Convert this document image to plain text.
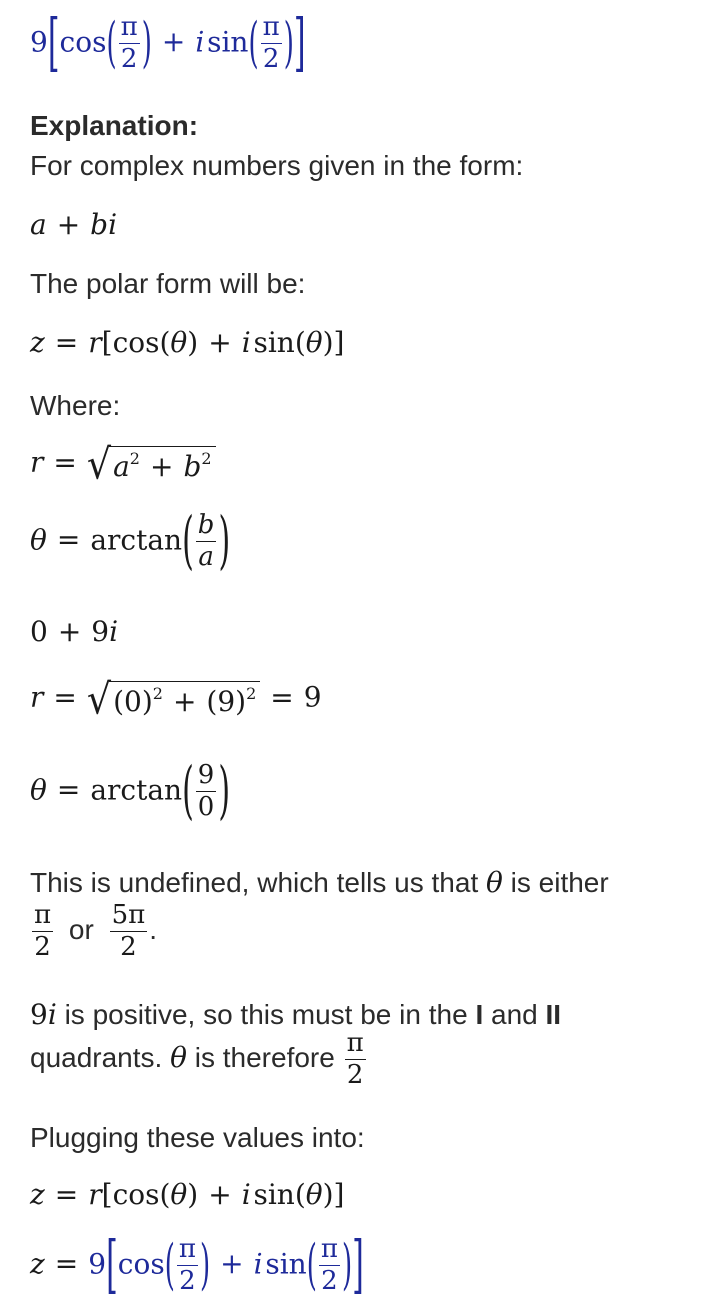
$9[\cos( \frac{\pi}{2}$ ) + i $\sin( \frac{\pi}{2}$ )]
Explanation:
For complex numbers given in the form:
a + bi
The polar form will be:
z = r[cos(θ) + i sin(θ)]
Where:
r = √ $a^2 + b^2$
$\theta = \arctan( \frac{b}{a}$ )
0 + 9i
r = √ $(0)^2 + (9)^2 = 9$
$\theta = \arctan( \frac{9}{0}$ )
This is undefined, which tells us that θ is either
$\frac{\pi}{2}$ or $\frac{5\pi}{2}$ .
9i is positive, so this must be in the I and II
quadrants. θ is therefore $\frac{\pi}{2}$
Plugging these values into:
z = r[cos(θ) + i sin(θ)]
$z = 9[\cos( \frac{\pi}{2}$ ) + i $\sin( \frac{\pi}{2}$ )]
